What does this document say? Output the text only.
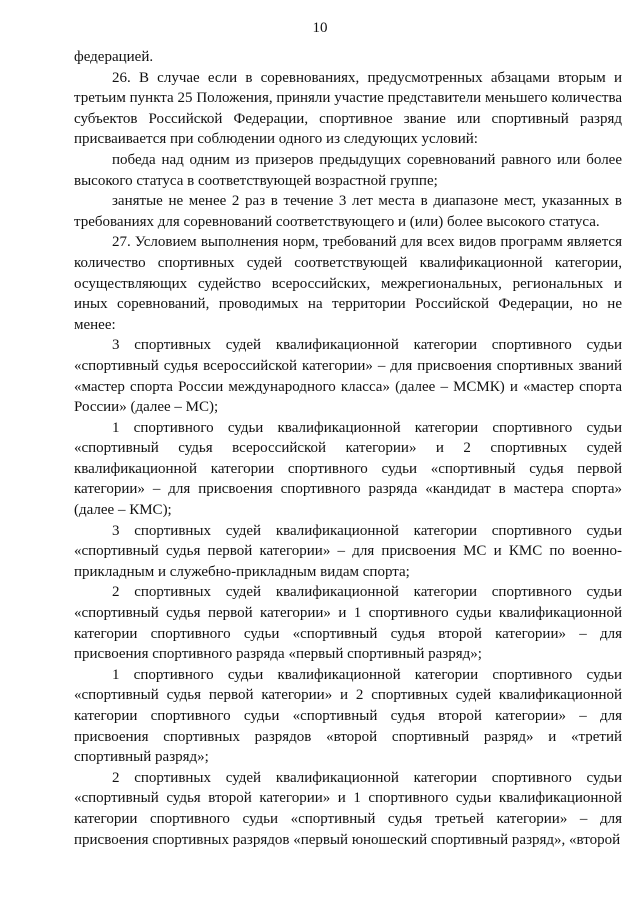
10

федерацией.

26. В случае если в соревнованиях, предусмотренных абзацами вторым и третьим пункта 25 Положения, приняли участие представители меньшего количества субъектов Российской Федерации, спортивное звание или спортивный разряд присваивается при соблюдении одного из следующих условий:

победа над одним из призеров предыдущих соревнований равного или более высокого статуса в соответствующей возрастной группе;

занятые не менее 2 раз в течение 3 лет места в диапазоне мест, указанных в требованиях для соревнований соответствующего и (или) более высокого статуса.

27. Условием выполнения норм, требований для всех видов программ является количество спортивных судей соответствующей квалификационной категории, осуществляющих судейство всероссийских, межрегиональных, региональных и иных соревнований, проводимых на территории Российской Федерации, но не менее:

3 спортивных судей квалификационной категории спортивного судьи «спортивный судья всероссийской категории» – для присвоения спортивных званий «мастер спорта России международного класса» (далее – МСМК) и «мастер спорта России» (далее – МС);

1 спортивного судьи квалификационной категории спортивного судьи «спортивный судья всероссийской категории» и 2 спортивных судей квалификационной категории спортивного судьи «спортивный судья первой категории» – для присвоения спортивного разряда «кандидат в мастера спорта» (далее – КМС);

3 спортивных судей квалификационной категории спортивного судьи «спортивный судья первой категории» – для присвоения МС и КМС по военно-прикладным и служебно-прикладным видам спорта;

2 спортивных судей квалификационной категории спортивного судьи «спортивный судья первой категории» и 1 спортивного судьи квалификационной категории спортивного судьи «спортивный судья второй категории» – для присвоения спортивного разряда «первый спортивный разряд»;

1 спортивного судьи квалификационной категории спортивного судьи «спортивный судья первой категории» и 2 спортивных судей квалификационной категории спортивного судьи «спортивный судья второй категории» – для присвоения спортивных разрядов «второй спортивный разряд» и «третий спортивный разряд»;

2 спортивных судей квалификационной категории спортивного судьи «спортивный судья второй категории» и 1 спортивного судьи квалификационной категории спортивного судьи «спортивный судья третьей категории» – для присвоения спортивных разрядов «первый юношеский спортивный разряд», «второй
